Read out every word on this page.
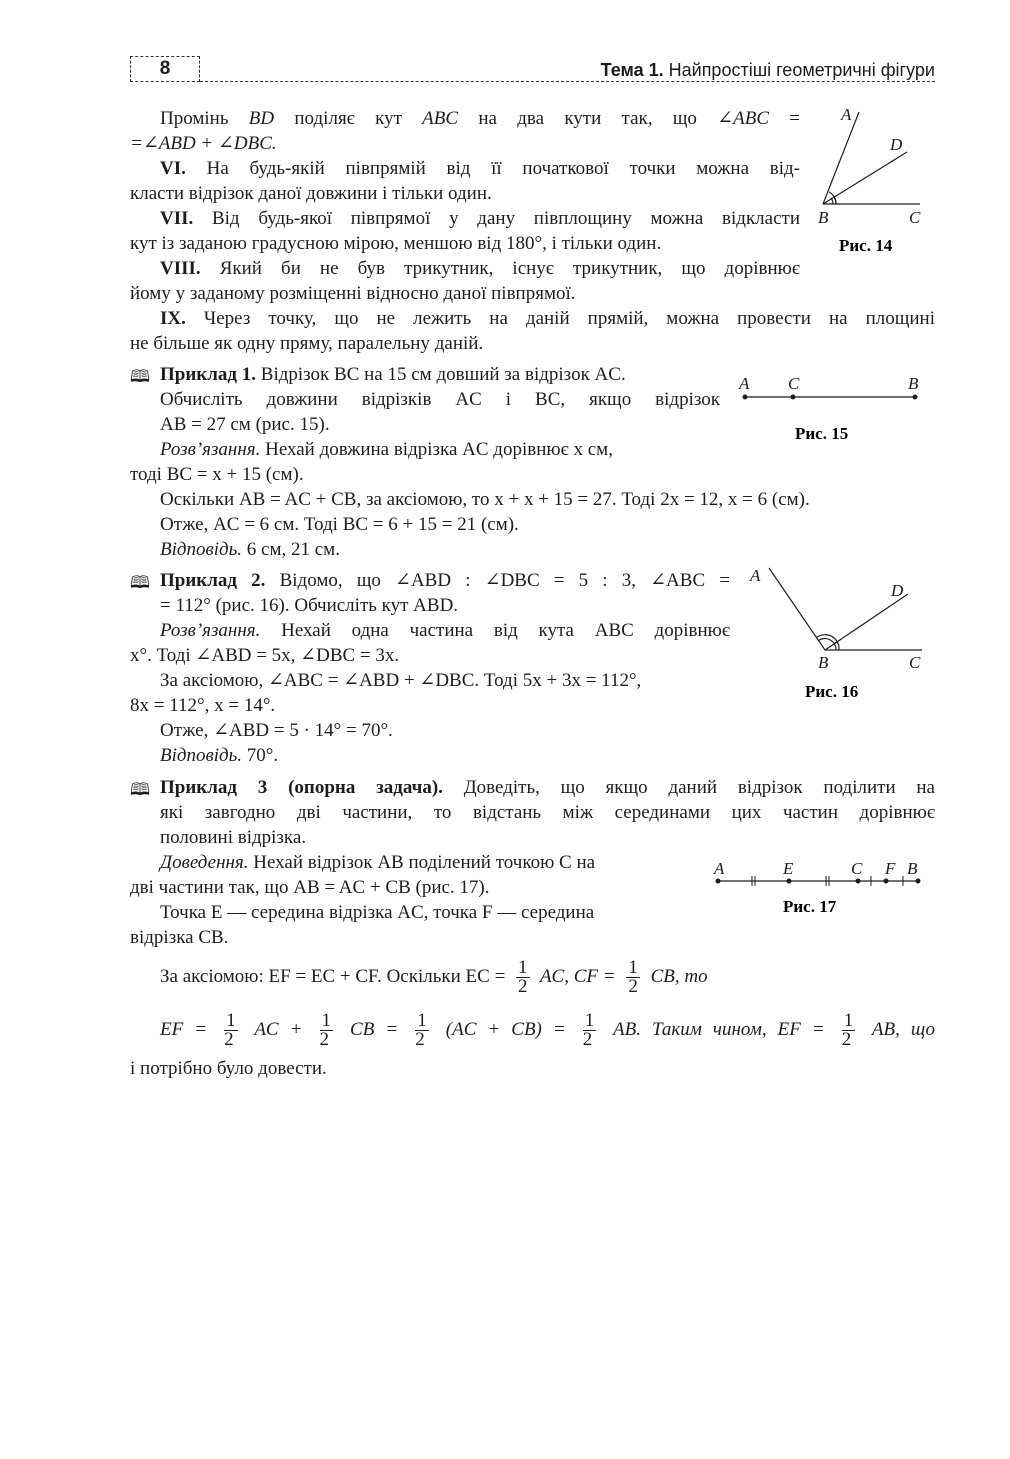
8	Тема 1. Найпростіші геометричні фігури
A
D
B	C
Рис. 14
Промінь BD поділяє кут ABC на два кути так, що ∠ABC =
=∠ABD + ∠DBC.
VI. На будь-якій півпрямій від її початкової точки можна від-
класти відрізок даної довжини і тільки один.
VII. Від будь-якої півпрямої у дану півплощину можна відкласти
кут із заданою градусною мірою, меншою від 180°, і тільки один.
VIII. Який би не був трикутник, існує трикутник, що дорівнює
йому у заданому розміщенні відносно даної півпрямої.
IX. Через точку, що не лежить на даній прямій, можна провести на площині
не більше як одну пряму, паралельну даній.
🕮 Приклад 1. Відрізок BC на 15 см довший за відрізок AC.
Обчисліть довжини відрізків AC і BC, якщо відрізок
AB = 27 см (рис. 15).
Розв’язання. Нехай довжина відрізка AC дорівнює x см,
тоді BC = x + 15 (см).
Оскільки AB = AC + CB, за аксіомою, то x + x + 15 = 27. Тоді 2x = 12, x = 6 (см).
Отже, AC = 6 см. Тоді BC = 6 + 15 = 21 (см).
Відповідь. 6 см, 21 см.
A C	B
Рис. 15
🕮 Приклад 2. Відомо, що ∠ABD : ∠DBC = 5 : 3, ∠ABC =
= 112° (рис. 16). Обчисліть кут ABD.
Розв’язання. Нехай одна частина від кута ABC дорівнює
x°. Тоді ∠ABD = 5x, ∠DBC = 3x.
За аксіомою, ∠ABC = ∠ABD + ∠DBC. Тоді 5x + 3x = 112°,
8x = 112°, x = 14°.
Отже, ∠ABD = 5 · 14° = 70°.
Відповідь. 70°.
A
D
B	C
Рис. 16
🕮 Приклад 3 (опорна задача). Доведіть, що якщо даний відрізок поділити на
які завгодно дві частини, то відстань між серединами цих частин дорівнює
половині відрізка.
Доведення. Нехай відрізок AB поділений точкою C на
дві частини так, що AB = AC + CB (рис. 17).
Точка E — середина відрізка AC, точка F — середина
відрізка CB.
A	E	C F B
Рис. 17
За аксіомою: EF = EC + CF. Оскільки EC = $\frac{1}{2}$ AC, CF = $\frac{1}{2}$ CB, то
EF = $\frac{1}{2}$ AC + $\frac{1}{2}$ CB = $\frac{1}{2} (AC + CB) = \frac{1}{2}$ AB. Таким чином, EF = $\frac{1}{2}$ AB, що
і потрібно було довести.
